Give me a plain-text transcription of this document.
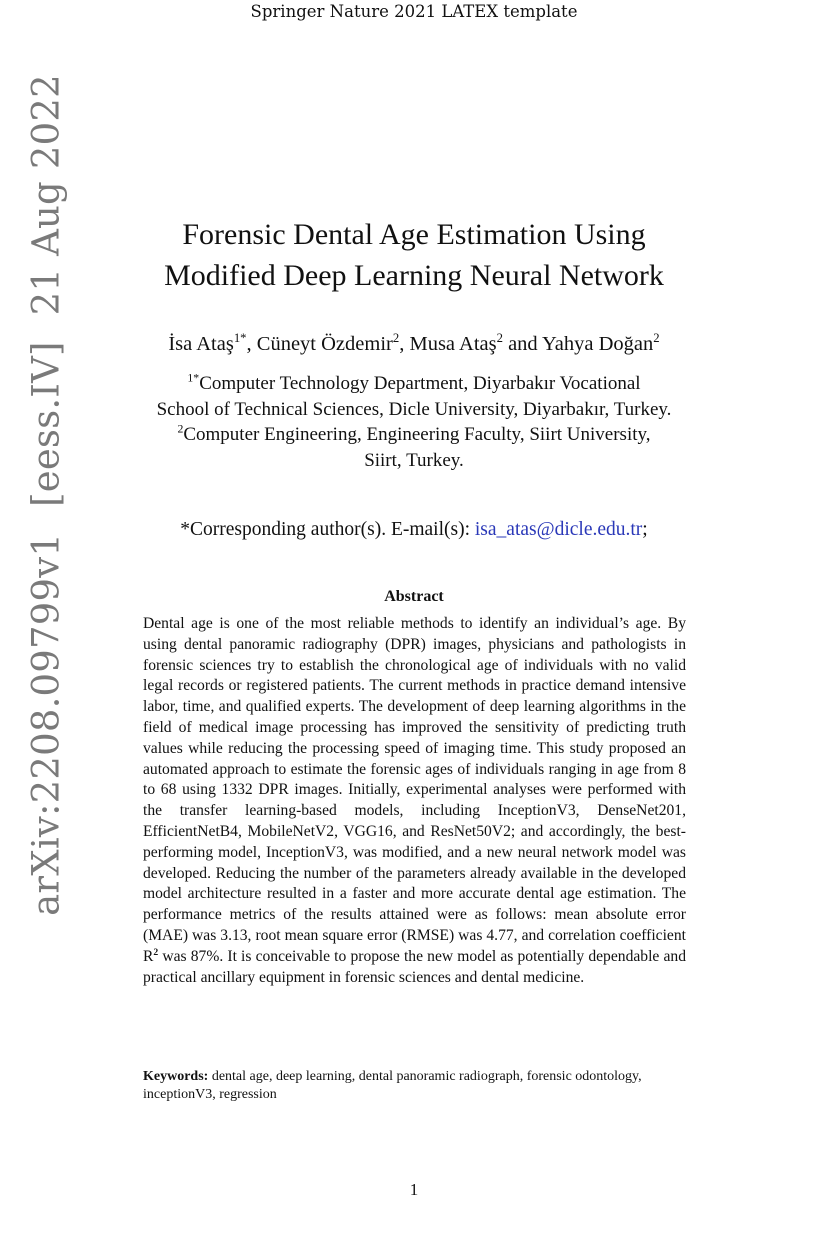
Springer Nature 2021 LATEX template
arXiv:2208.09799v1[eess.IV]21 Aug 2022	Forensic Dental Age Estimation Using
Modified Deep Learning Neural Network
İsa Ataş$^{1*}$, Cüneyt Özdemir$^2$, Musa Ataş$^2$ and Yahya Doğan$^2$
$^{1*}$Computer Technology Department, Diyarbakır Vocational
School of Technical Sciences, Dicle University, Diyarbakır, Turkey.
$^2$Computer Engineering, Engineering Faculty, Siirt University,
Siirt, Turkey.
*Corresponding author(s). E-mail(s): isa_atas@dicle.edu.tr;
Abstract
Dental age is one of the most reliable methods to identify an individual’s age. By using dental panoramic radiography (DPR) images, physicians and pathologists in forensic sciences try to establish the chronological age of individuals with no valid legal records or registered patients. The current methods in practice demand intensive labor, time, and qualified experts. The development of deep learning algorithms in the field of medical image processing has improved the sensitivity of predicting truth values while reducing the processing speed of imaging time. This study proposed an automated approach to estimate the forensic ages of individuals ranging in age from 8 to 68 using 1332 DPR images. Initially, experimental analyses were performed with the transfer learning-based models, including InceptionV3, DenseNet201, EfficientNetB4, MobileNetV2, VGG16, and ResNet50V2; and accordingly, the best-performing model, InceptionV3, was modified, and a new neural network model was developed. Reducing the number of the parameters already available in the developed model architecture resulted in a faster and more accurate dental age estimation. The performance metrics of the results attained were as follows: mean absolute error (MAE) was 3.13, root mean square error (RMSE) was 4.77, and correlation coefficient $R^2$ was 87%. It is conceivable to propose the new model as potentially dependable and practical ancillary equipment in forensic sciences and dental medicine.
Keywords: dental age, deep learning, dental panoramic radiograph, forensic odontology, inceptionV3, regression
1
